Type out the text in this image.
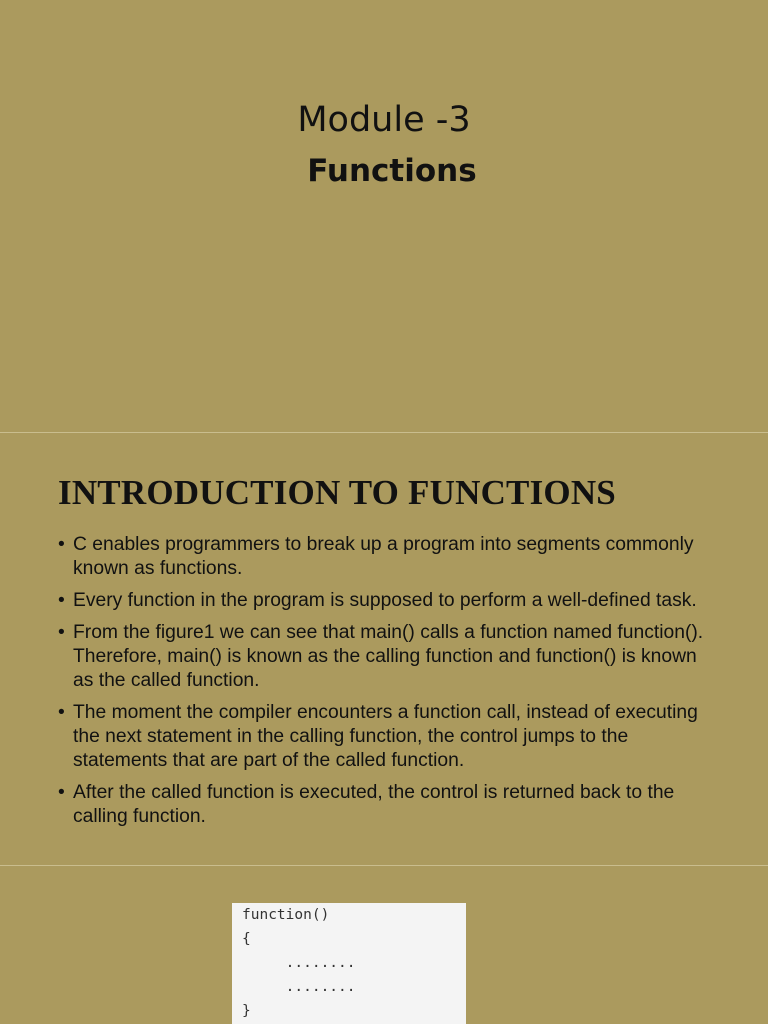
Module -3
Functions
INTRODUCTION TO FUNCTIONS
• C enables programmers to break up a program into segments commonly known as functions.
• Every function in the program is supposed to perform a well-defined task.
• From the figure1 we can see that main() calls a function named function(). Therefore, main() is known as the calling function and function() is known as the called function.
• The moment the compiler encounters a function call, instead of executing the next statement in the calling function, the control jumps to the statements that are part of the called function.
• After the called function is executed, the control is returned back to the calling function.
function()
{
........
........
}
